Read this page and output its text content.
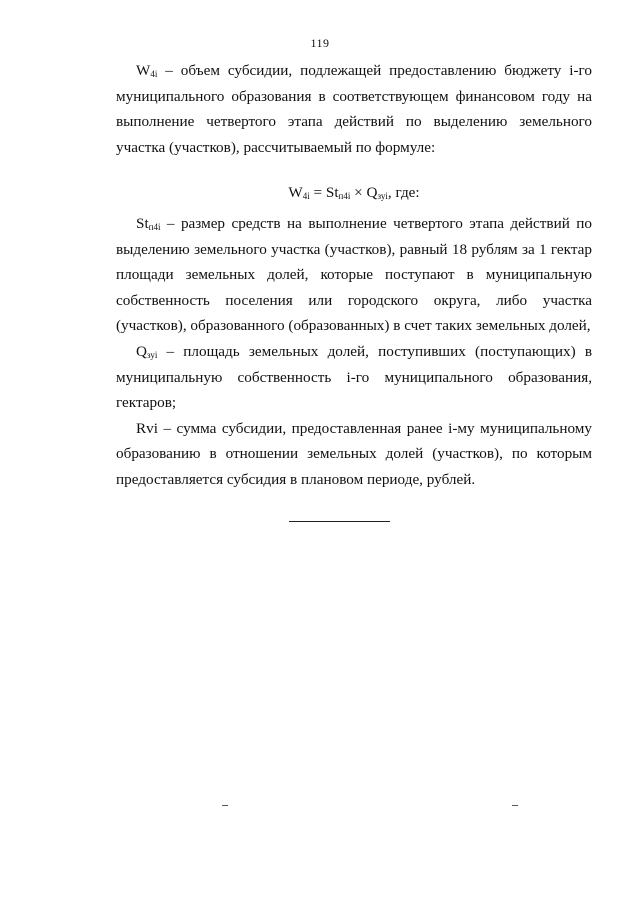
119

$W_{4i}$ – объем субсидии, подлежащей предоставлению бюджету i-го муниципального образования в соответствующем финансовом году на выполнение четвертого этапа действий по выделению земельного участка (участков), рассчитываемый по формуле:

$W_{4i} = St_{п4i} \times Q_{зуi}$, где:

$St_{п4i}$ – размер средств на выполнение четвертого этапа действий по выделению земельного участка (участков), равный 18 рублям за 1 гектар площади земельных долей, которые поступают в муниципальную собственность поселения или городского округа, либо участка (участков), образованного (образованных) в счет таких земельных долей,

$Q_{зуi}$ – площадь земельных долей, поступивших (поступающих) в муниципальную собственность i-го муниципального образования, гектаров;

Rvi – сумма субсидии, предоставленная ранее i-му муниципальному образованию в отношении земельных долей (участков), по которым предоставляется субсидия в плановом периоде, рублей.
